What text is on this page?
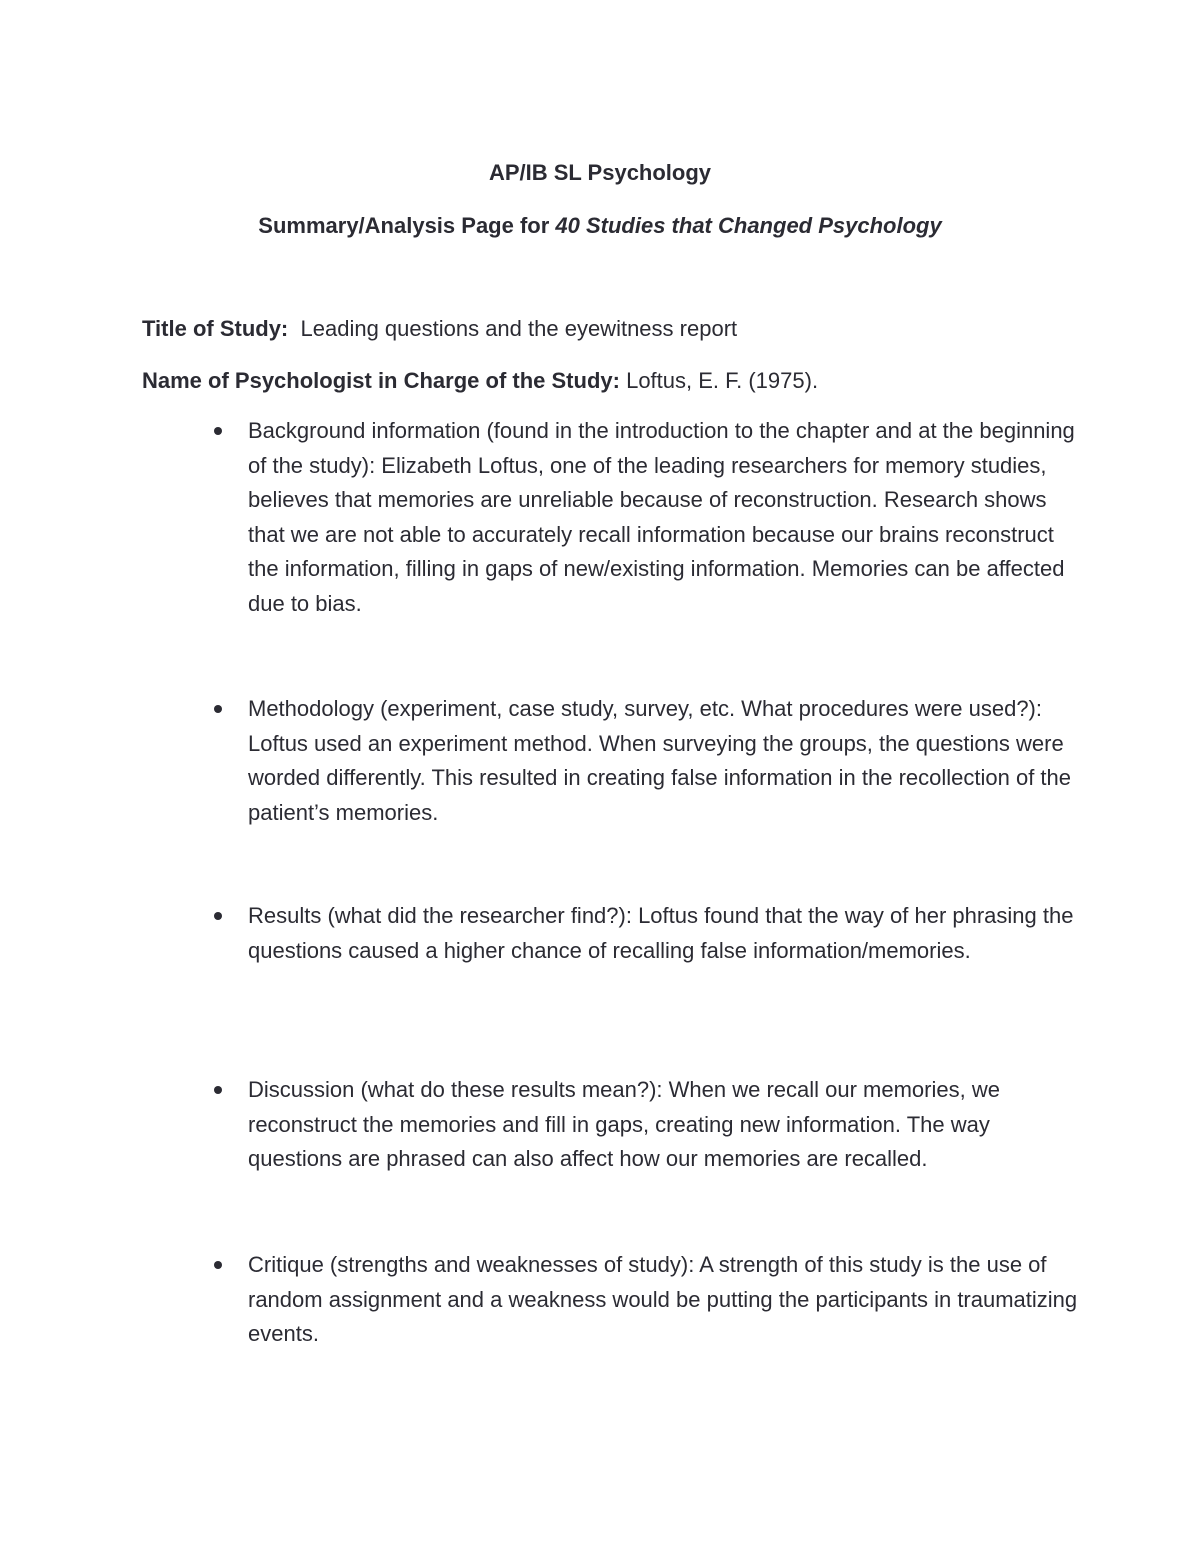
AP/IB SL Psychology
Summary/Analysis Page for 40 Studies that Changed Psychology
Title of Study: Leading questions and the eyewitness report
Name of Psychologist in Charge of the Study: Loftus, E. F. (1975).
Background information (found in the introduction to the chapter and at the beginning of the study): Elizabeth Loftus, one of the leading researchers for memory studies, believes that memories are unreliable because of reconstruction. Research shows that we are not able to accurately recall information because our brains reconstruct the information, filling in gaps of new/existing information. Memories can be affected due to bias.
Methodology (experiment, case study, survey, etc. What procedures were used?): Loftus used an experiment method. When surveying the groups, the questions were worded differently. This resulted in creating false information in the recollection of the patient’s memories.
Results (what did the researcher find?): Loftus found that the way of her phrasing the questions caused a higher chance of recalling false information/memories.
Discussion (what do these results mean?): When we recall our memories, we reconstruct the memories and fill in gaps, creating new information. The way questions are phrased can also affect how our memories are recalled.
Critique (strengths and weaknesses of study): A strength of this study is the use of random assignment and a weakness would be putting the participants in traumatizing events.
